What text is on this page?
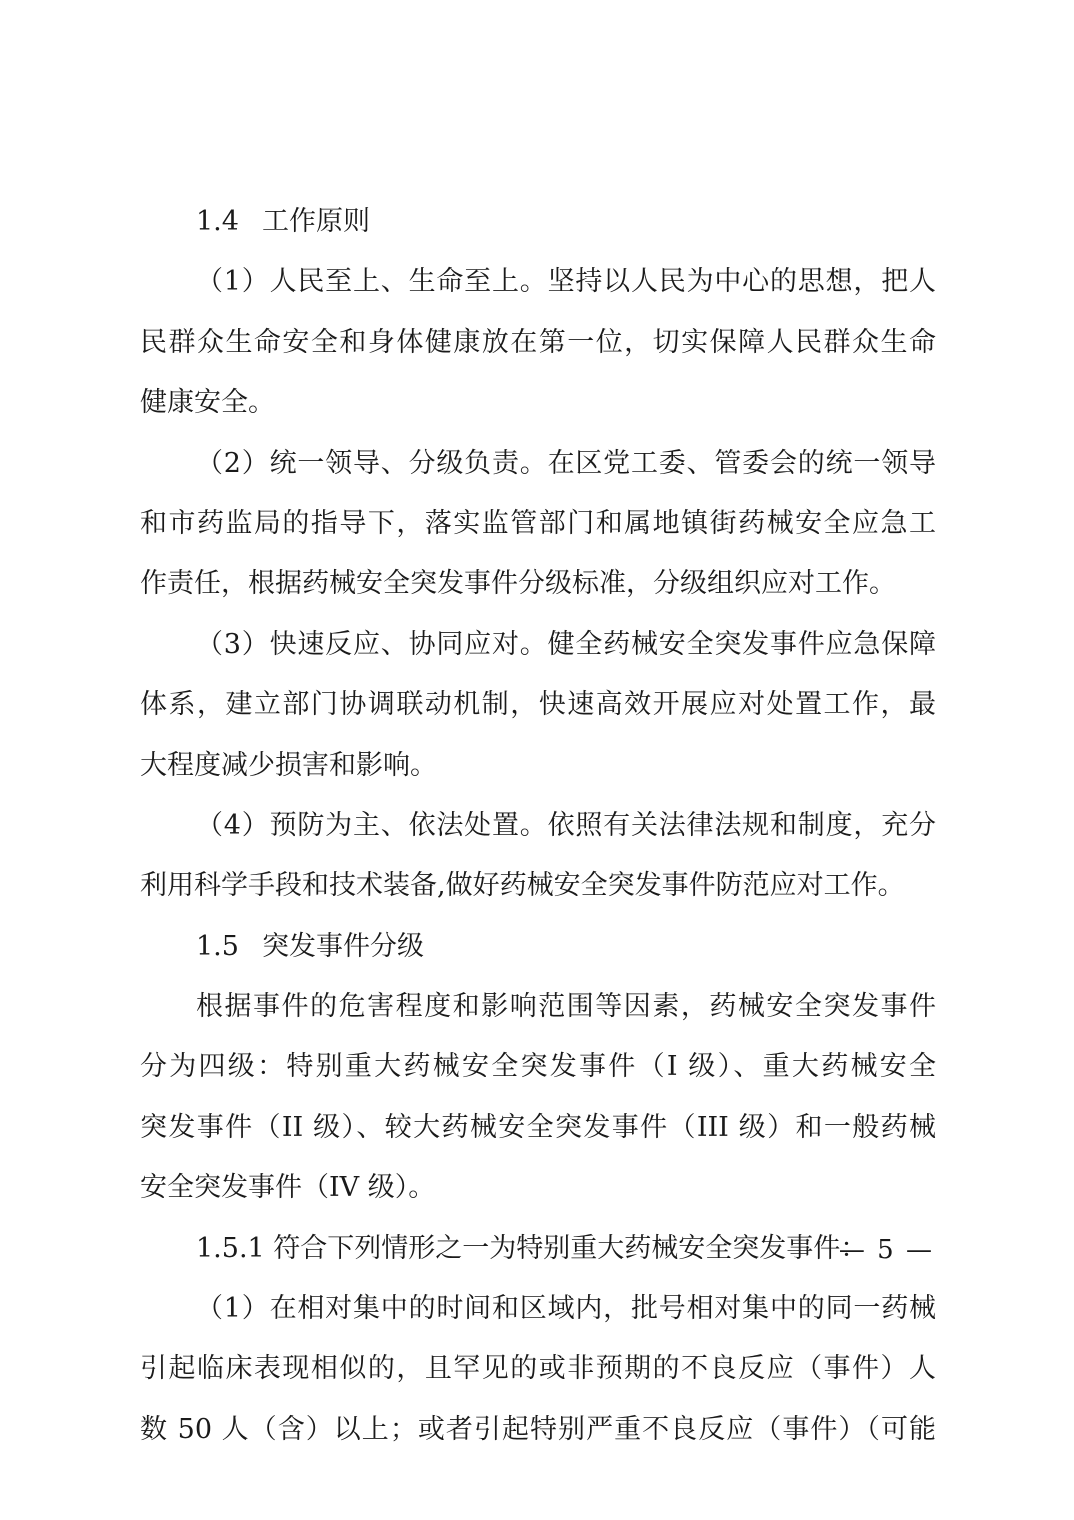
1.4 工作原则
（1）人民至上、生命至上。坚持以人民为中心的思想，把人
民群众生命安全和身体健康放在第一位，切实保障人民群众生命
健康安全。
（2）统一领导、分级负责。在区党工委、管委会的统一领导
和市药监局的指导下，落实监管部门和属地镇街药械安全应急工
作责任，根据药械安全突发事件分级标准，分级组织应对工作。
（3）快速反应、协同应对。健全药械安全突发事件应急保障
体系，建立部门协调联动机制，快速高效开展应对处置工作，最
大程度减少损害和影响。
（4）预防为主、依法处置。依照有关法律法规和制度，充分
利用科学手段和技术装备,做好药械安全突发事件防范应对工作。
1.5 突发事件分级
根据事件的危害程度和影响范围等因素，药械安全突发事件
分为四级：特别重大药械安全突发事件（I 级）、重大药械安全
突发事件（II 级）、较大药械安全突发事件（III 级）和一般药械
安全突发事件（IV 级）。
1.5.1 符合下列情形之一为特别重大药械安全突发事件：
（1）在相对集中的时间和区域内，批号相对集中的同一药械
引起临床表现相似的，且罕见的或非预期的不良反应（事件）人
数 50 人（含）以上；或者引起特别严重不良反应（事件）（可能
— 5 —
